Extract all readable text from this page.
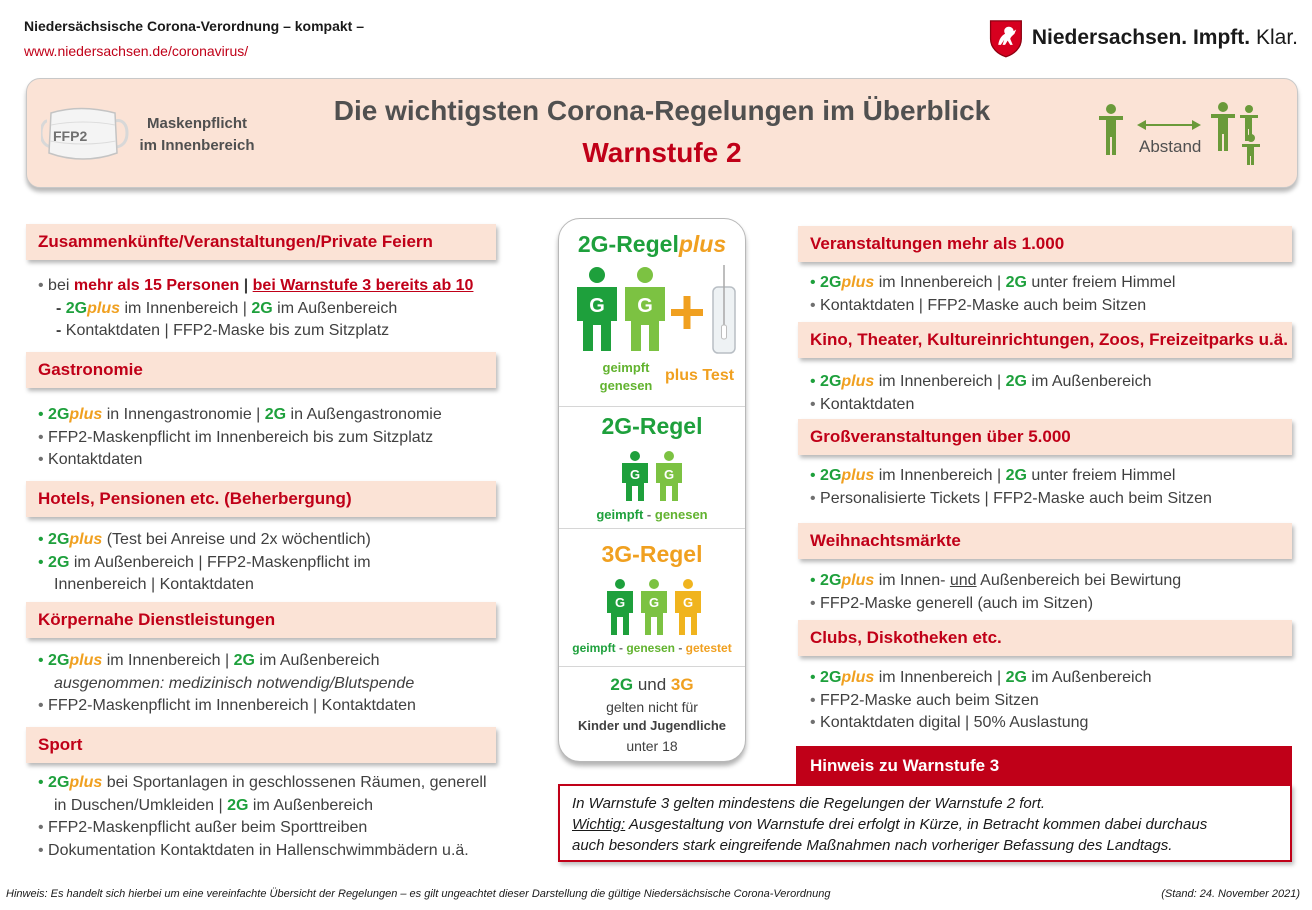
Niedersächsische Corona-Verordnung – kompakt –
www.niedersachsen.de/coronavirus/
Niedersachsen. Impft. Klar.
FFP2
Maskenpflicht
im Innenbereich
Die wichtigsten Corona-Regelungen im Überblick
Warnstufe 2	Abstand
Zusammenkünfte/Veranstaltungen/Private Feiern
• bei mehr als 15 Personen | bei Warnstufe 3 bereits ab 10
- 2Gplus im Innenbereich | 2G im Außenbereich
- Kontaktdaten | FFP2-Maske bis zum Sitzplatz
Gastronomie
• 2Gplus in Innengastronomie | 2G in Außengastronomie
• FFP2-Maskenpflicht im Innenbereich bis zum Sitzplatz
• Kontaktdaten
Hotels, Pensionen etc. (Beherbergung)
• 2Gplus (Test bei Anreise und 2x wöchentlich)
• 2G im Außenbereich | FFP2-Maskenpflicht im
Innenbereich | Kontaktdaten
Körpernahe Dienstleistungen
• 2Gplus im Innenbereich | 2G im Außenbereich
ausgenommen: medizinisch notwendig/Blutspende
• FFP2-Maskenpflicht im Innenbereich | Kontaktdaten
Sport
• 2Gplus bei Sportanlagen in geschlossenen Räumen, generell
in Duschen/Umkleiden | 2G im Außenbereich
• FFP2-Maskenpflicht außer beim Sporttreiben
• Dokumentation Kontaktdaten in Hallenschwimmbädern u.ä.
2G-Regelplus
G G
geimpft
genesen
plus Test
2G-Regel
G G
geimpft - genesen
3G-Regel
G G G
geimpft - genesen - getestet
2G und 3G
gelten nicht für
Kinder und Jugendliche
unter 18
Veranstaltungen mehr als 1.000
• 2Gplus im Innenbereich | 2G unter freiem Himmel
• Kontaktdaten | FFP2-Maske auch beim Sitzen
Kino, Theater, Kultureinrichtungen, Zoos, Freizeitparks u.ä.
• 2Gplus im Innenbereich | 2G im Außenbereich
• Kontaktdaten
Großveranstaltungen über 5.000
• 2Gplus im Innenbereich | 2G unter freiem Himmel
• Personalisierte Tickets | FFP2-Maske auch beim Sitzen
Weihnachtsmärkte
• 2Gplus im Innen- und Außenbereich bei Bewirtung
• FFP2-Maske generell (auch im Sitzen)
Clubs, Diskotheken etc.
• 2Gplus im Innenbereich | 2G im Außenbereich
• FFP2-Maske auch beim Sitzen
• Kontaktdaten digital | 50% Auslastung
In Warnstufe 3 gelten mindestens die Regelungen der Warnstufe 2 fort.
Wichtig: Ausgestaltung von Warnstufe drei erfolgt in Kürze, in Betracht kommen dabei durchaus
auch besonders stark eingreifende Maßnahmen nach vorheriger Befassung des Landtags.
Hinweis zu Warnstufe 3
Hinweis: Es handelt sich hierbei um eine vereinfachte Übersicht der Regelungen – es gilt ungeachtet dieser Darstellung die gültige Niedersächsische Corona-Verordnung	(Stand: 24. November 2021)
